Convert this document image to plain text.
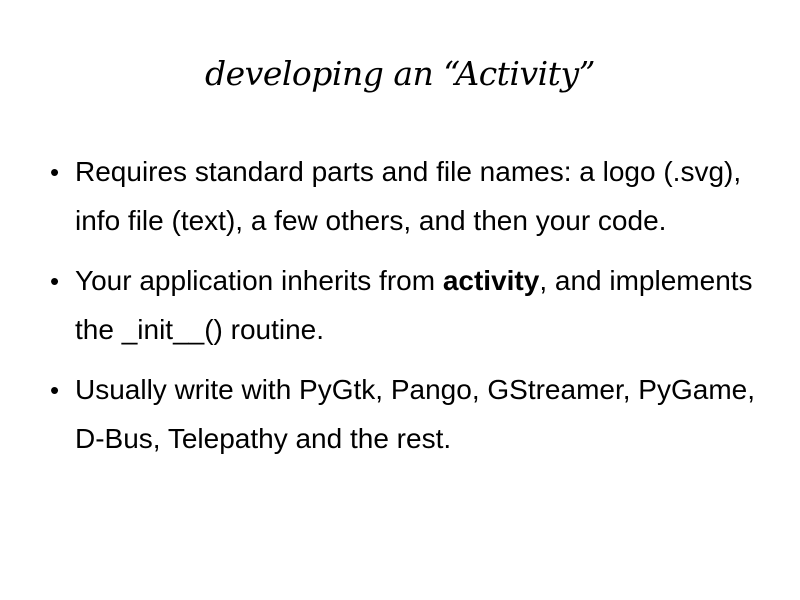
developing an “Activity”
• Requires standard parts and file names: a logo (.svg), info file (text), a few others, and then your code.
• Your application inherits from activity, and implements the _init__() routine.
• Usually write with PyGtk, Pango, GStreamer, PyGame, D-Bus, Telepathy and the rest.
